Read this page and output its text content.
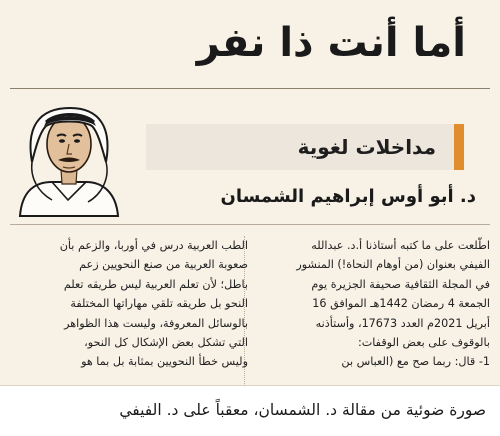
أما أنت ذا نفر
مداخلات لغوية
د. أبو أوس إبراهيم الشمسان
اطّلعت على ما كتبه أستاذنا أ.د. عبدالله
الفيفي بعنوان (من أوهام النحاة!) المنشور
في المجلة الثقافية صحيفة الجزيرة يوم
الجمعة 4 رمضان 1442هـ الموافق 16
أبريل 2021م العدد 17673، وأستأذنه
بالوقوف على بعض الوقفات:
1- قال: ربما صح مع (العباس بن
الطب العربية درس في أوربا، والزعم بأن
صعوبة العربية من صنع النحويين زعم
باطل؛ لأن تعلم العربية ليس طريقه تعلم
النحو بل طريقه تلقي مهاراتها المختلفة
بالوسائل المعروفة، وليست هذا الظواهر
التي تشكل بعض الإشكال كل النحو،
وليس خطأ النحويين بمثابة بل بما هو
صورة ضوئية من مقالة د. الشمسان، معقباً على د. الفيفي
